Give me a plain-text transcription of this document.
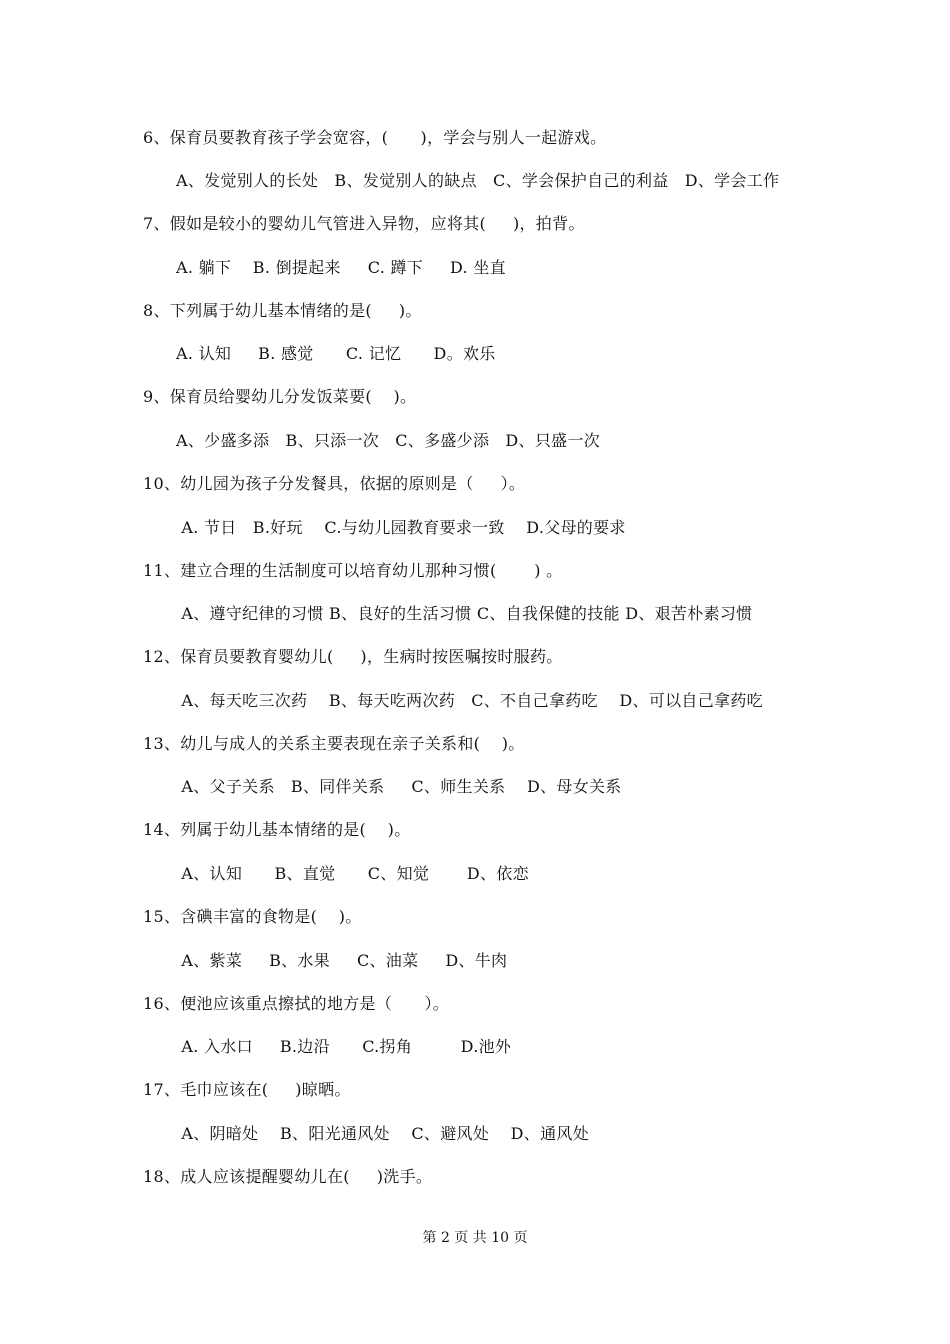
6、保育员要教育孩子学会宽容，(      )，学会与别人一起游戏。
A、发觉别人的长处   B、发觉别人的缺点   C、学会保护自己的利益   D、学会工作
7、假如是较小的婴幼儿气管进入异物，应将其(     )，拍背。
A. 躺下    B. 倒提起来     C. 蹲下     D. 坐直
8、下列属于幼儿基本情绪的是(     )。
A. 认知     B. 感觉      C. 记忆      D。欢乐
9、保育员给婴幼儿分发饭菜要(    )。
A、少盛多添   B、只添一次   C、多盛少添   D、只盛一次
10、幼儿园为孩子分发餐具，依据的原则是（     ）。
A. 节日   B.好玩    C.与幼儿园教育要求一致    D.父母的要求
11、建立合理的生活制度可以培育幼儿那种习惯(       ) 。
A、遵守纪律的习惯 B、良好的生活习惯 C、自我保健的技能 D、艰苦朴素习惯
12、保育员要教育婴幼儿(     )，生病时按医嘱按时服药。
A、每天吃三次药    B、每天吃两次药   C、不自己拿药吃    D、可以自己拿药吃
13、幼儿与成人的关系主要表现在亲子关系和(    )。
A、父子关系   B、同伴关系     C、师生关系    D、母女关系
14、列属于幼儿基本情绪的是(    )。
A、认知      B、直觉      C、知觉       D、依恋
15、含碘丰富的食物是(    )。
A、紫菜     B、水果     C、油菜     D、牛肉
16、便池应该重点擦拭的地方是（      ）。
A. 入水口     B.边沿      C.拐角         D.池外
17、毛巾应该在(     )晾晒。
A、阴暗处    B、阳光通风处    C、避风处    D、通风处
18、成人应该提醒婴幼儿在(     )洗手。
第 2 页 共 10 页
